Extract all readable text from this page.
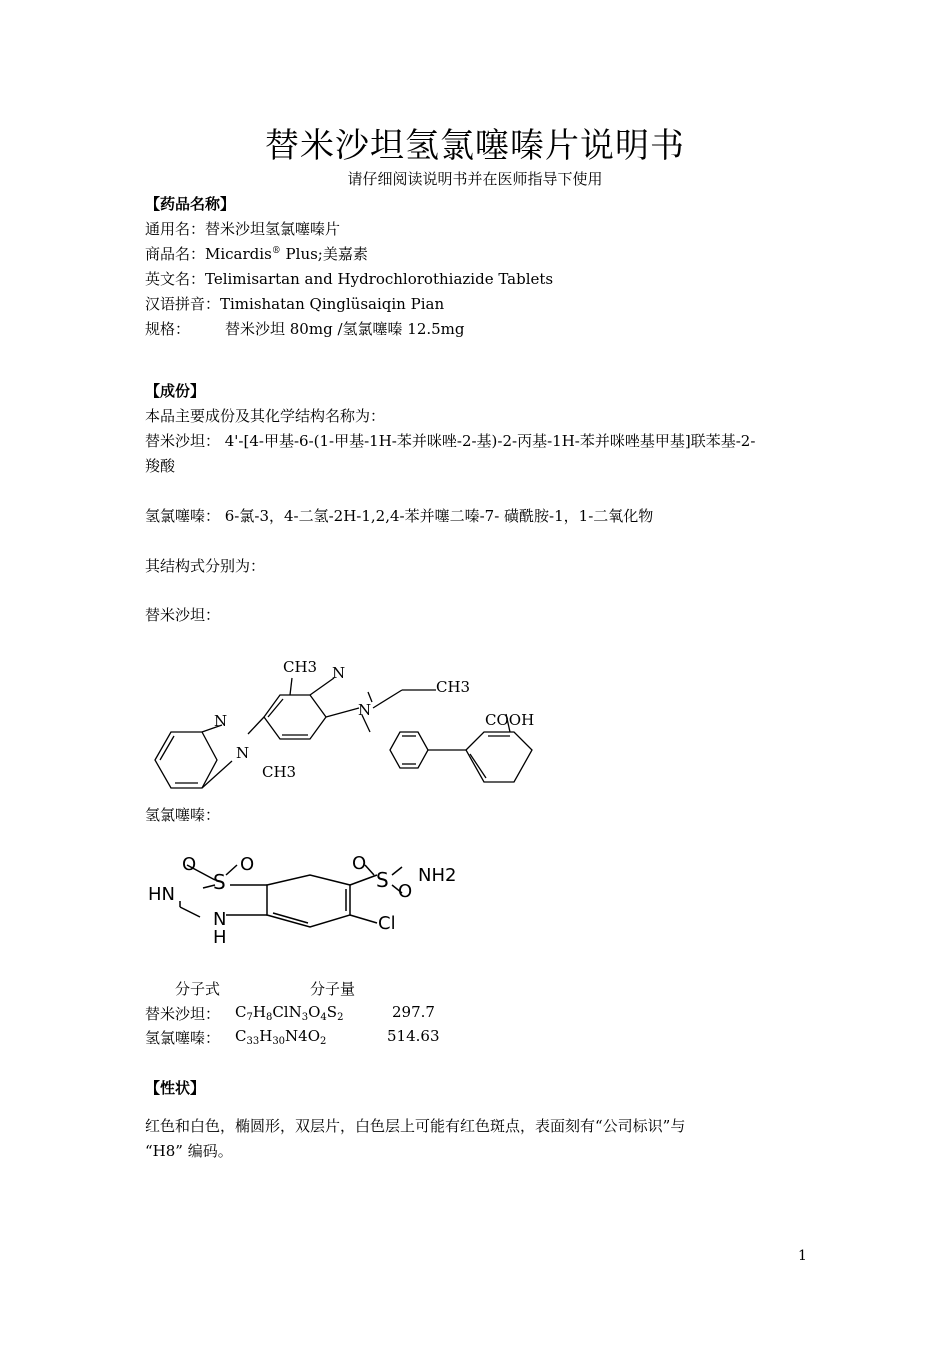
替米沙坦氢氯噻嗪片说明书
请仔细阅读说明书并在医师指导下使用
【药品名称】
通用名：替米沙坦氢氯噻嗪片
商品名：Micardis® Plus;美嘉素
英文名：Telimisartan and Hydrochlorothiazide Tablets
汉语拼音：Timishatan Qinglüsaiqin Pian
规格： 替米沙坦 80mg /氢氯噻嗪 12.5mg
【成份】
本品主要成份及其化学结构名称为：
替米沙坦： 4'-[4-甲基-6-(1-甲基-1H-苯并咪唑-2-基)-2-丙基-1H-苯并咪唑基甲基]联苯基-2-
羧酸
氢氯噻嗪： 6-氯-3，4-二氢-2H-1,2,4-苯并噻二嗪-7- 磺酰胺-1，1-二氧化物
其结构式分别为：
替米沙坦：
CH3 N
CH3
N
COOH
N
N
CH3
氢氯噻嗪：
O O
S
HN
N
H
O
O
S NH2
Cl
分子式	分子量
替米沙坦： $C_7H_8ClN_3O_4S_2$	297.7
氢氯噻嗪： $C_{33}H_{30}N4O_2$	514.63
【性状】
红色和白色，椭圆形，双层片，白色层上可能有红色斑点，表面刻有“公司标识”与
“H8” 编码。
1
